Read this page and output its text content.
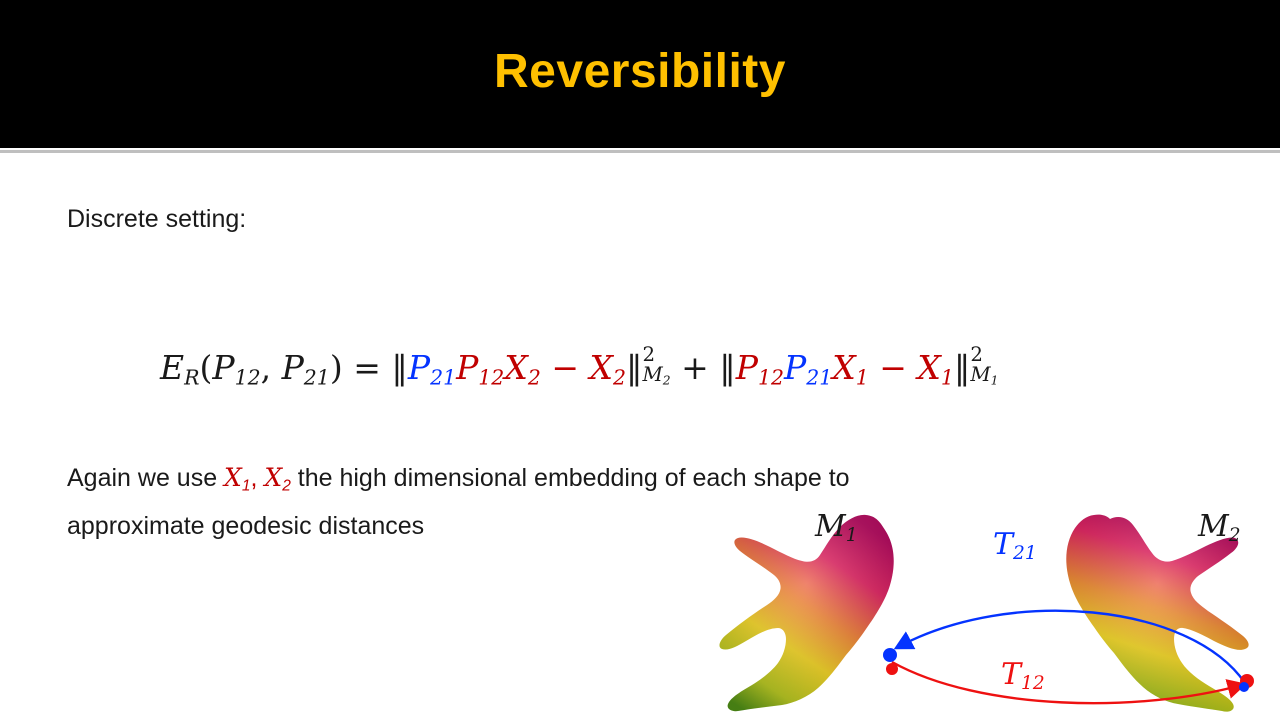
Reversibility
Discrete setting:
$E_R(P_{12}$, $P_{21}$) = $‖P_{21}P_{12}X_2$ − $X_2‖$ 2
$M_2$ + $‖P_{12}P_{21}X_1$ − $X_1‖$ 2
$M_1$
Again we use $X_1$, $X_2$ the high dimensional embedding of each shape to
approximate geodesic distances	$M_1$	$M_2$
$T_{21}$
$T_{12}$
